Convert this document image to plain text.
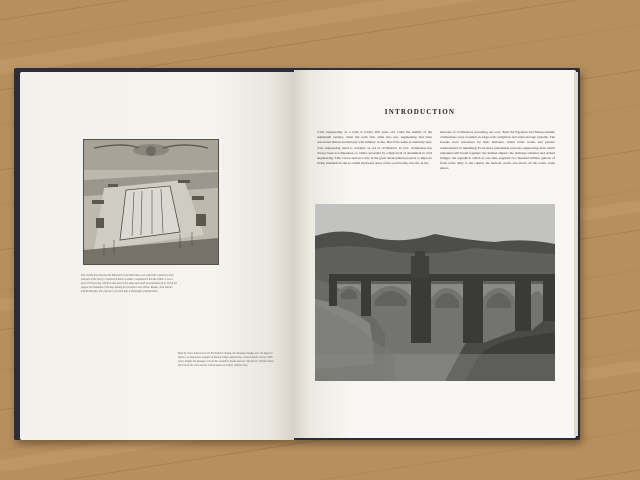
The world's first and now the Hannsteh Great Wall Dock, now called the Commerce dock and part of the Surrey Commercial docks, London. Completed in the late 1690s, it was a pool 1070 feet long, 500 feet wide and 17 feet deep and could accommodate up to 120 of the largest merchantmen of the day. Among the promoters were Howe, Reader, John Gayner and Wriothesley. The engraver was John Kip, a lithograph of Rotherhithe.
Built by Caius Julius Lacer for the Emperor Trajan, the Alcantara bridge over the Tagus in Spain is an impressive example of Roman bridge engineering. It has stood for nearly 2,000 years, despite the damage to its arches caused by floods and war. The deck is 160 feet above the level of the river and the central spans are nearly 100 feet long.
INTRODUCTION
'Civil engineering' as a term is barely 200 years old. Until the middle of the eighteenth century, when the term first came into use, engineering had been associated almost exclusively with military works. But if the name is relatively new, civil engineering itself is certainly as old as civilization. In fact, civilization has always been accompanied, or, rather, preceded by a high level of attainment in civil engineering. This can be seen not only in the great development projects to improve living standards in the so-called backward areas of the world today, but also in the
histories of civilizations preceding our own. Both the Egyptian and Mesopotamian civilizations were founded on large-scale irrigation and water-storage systems. The Greeks were renowned for their harbours, urban water works and passive achievements in tunnelling. Even more remarkable were the engineering feats which remained still bound together: the Roman empire: the drainage schemes and arched bridges, the aqueducts which at one time supplied two hundred million gallons of fresh water daily to the capital, the harbour works and above all the roads, some pieces
